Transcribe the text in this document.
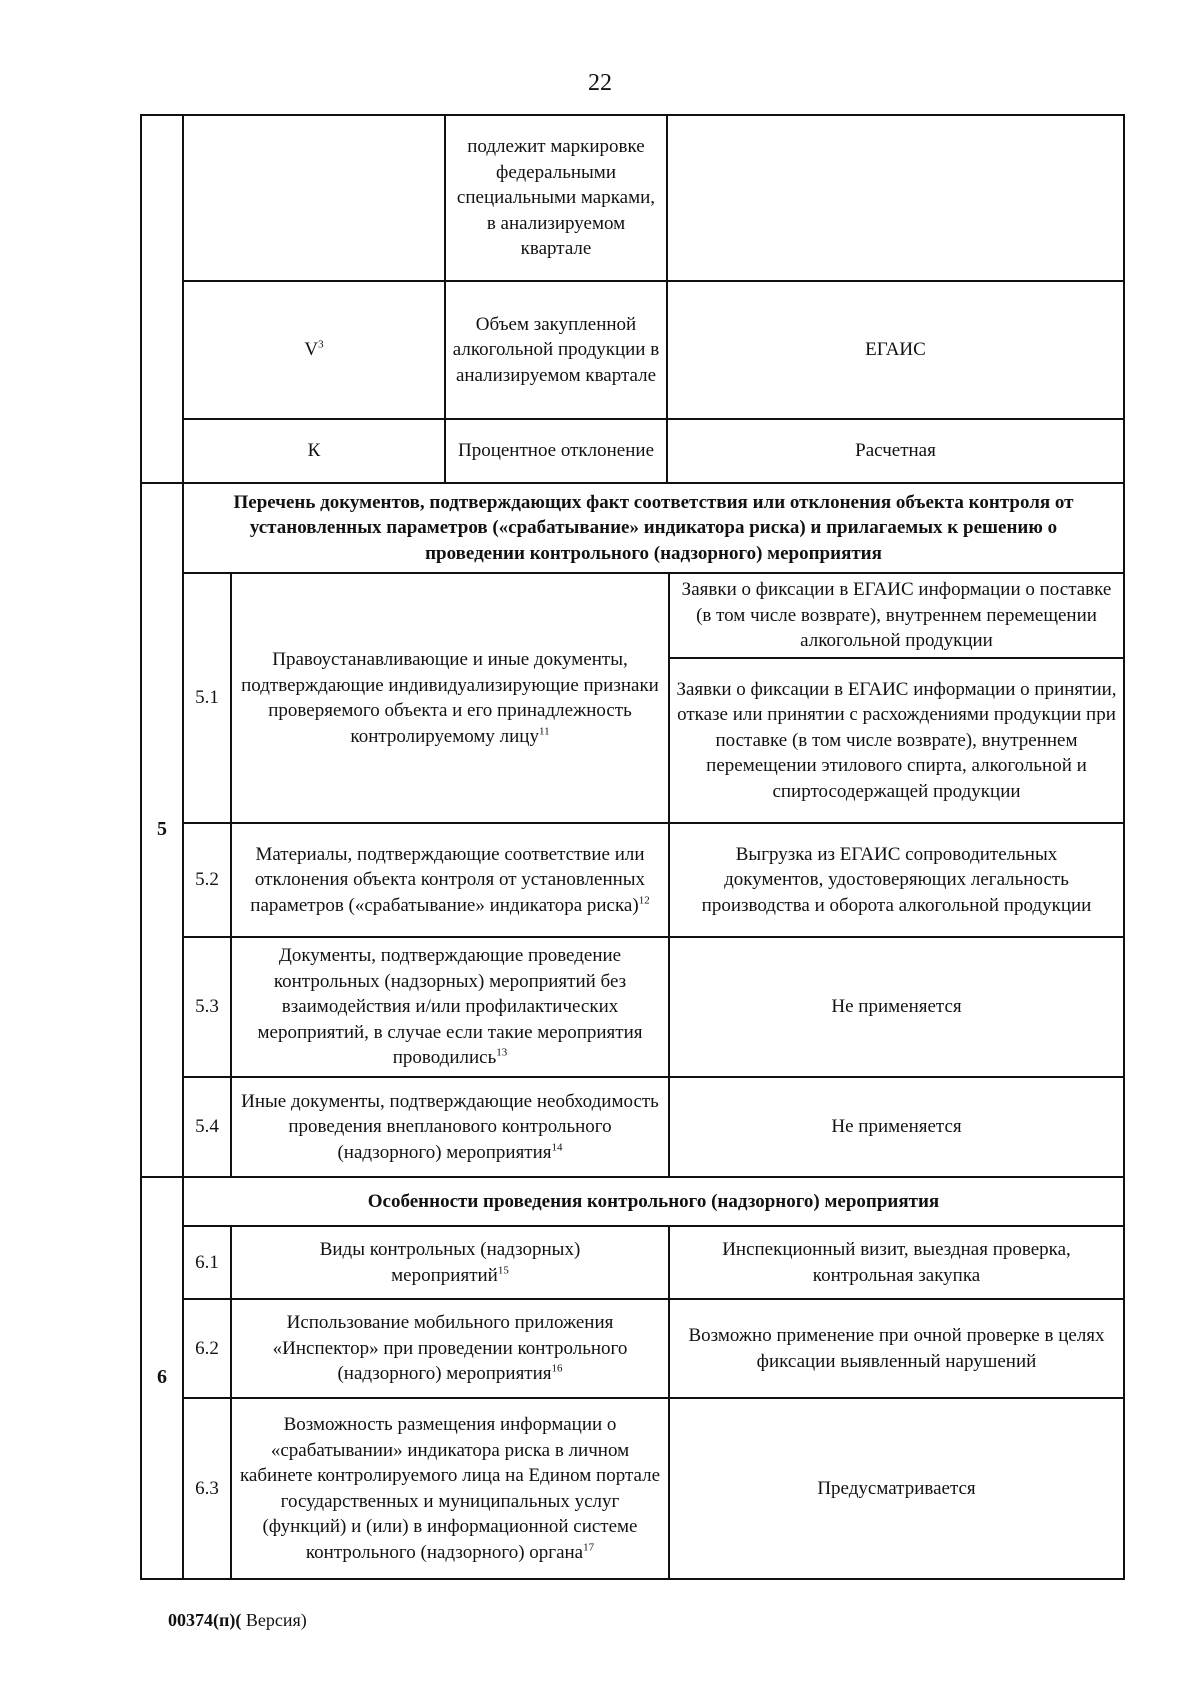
22
5
подлежит маркировке федеральными специальными марками, в анализируемом квартале
$V^3$
Объем закупленной алкогольной продукции в анализируемом квартале
ЕГАИС
К	Процентное отклонение	Расчетная
Перечень документов, подтверждающих факт соответствия или отклонения объекта контроля от установленных параметров («срабатывание» индикатора риска) и прилагаемых к решению о проведении контрольного (надзорного) мероприятия
5.1
Правоустанавливающие и иные документы, подтверждающие индивидуализирующие признаки проверяемого объекта и его принадлежность контролируемому лицу$^{11}$
Заявки о фиксации в ЕГАИС информации о поставке (в том числе возврате), внутреннем перемещении алкогольной продукции
Заявки о фиксации в ЕГАИС информации о принятии, отказе или принятии с расхождениями продукции при поставке (в том числе возврате), внутреннем перемещении этилового спирта, алкогольной и спиртосодержащей продукции
5.2
Материалы, подтверждающие соответствие или отклонения объекта контроля от установленных параметров («срабатывание» индикатора риска)$^{12}$
Выгрузка из ЕГАИС сопроводительных документов, удостоверяющих легальность производства и оборота алкогольной продукции
5.3
Документы, подтверждающие проведение контрольных (надзорных) мероприятий без взаимодействия и/или профилактических мероприятий, в случае если такие мероприятия проводились$^{13}$
Не применяется
5.4
Иные документы, подтверждающие необходимость проведения внепланового контрольного (надзорного) мероприятия$^{14}$
Не применяется
6
Особенности проведения контрольного (надзорного) мероприятия
6.1
Виды контрольных (надзорных) мероприятий$^{15}$
Инспекционный визит, выездная проверка, контрольная закупка
6.2
Использование мобильного приложения «Инспектор» при проведении контрольного (надзорного) мероприятия$^{16}$
Возможно применение при очной проверке в целях фиксации выявленный нарушений
6.3
Возможность размещения информации о «срабатывании» индикатора риска в личном кабинете контролируемого лица на Едином портале государственных и муниципальных услуг (функций) и (или) в информационной системе контрольного (надзорного) органа$^{17}$
Предусматривается
00374(п)( Версия)
